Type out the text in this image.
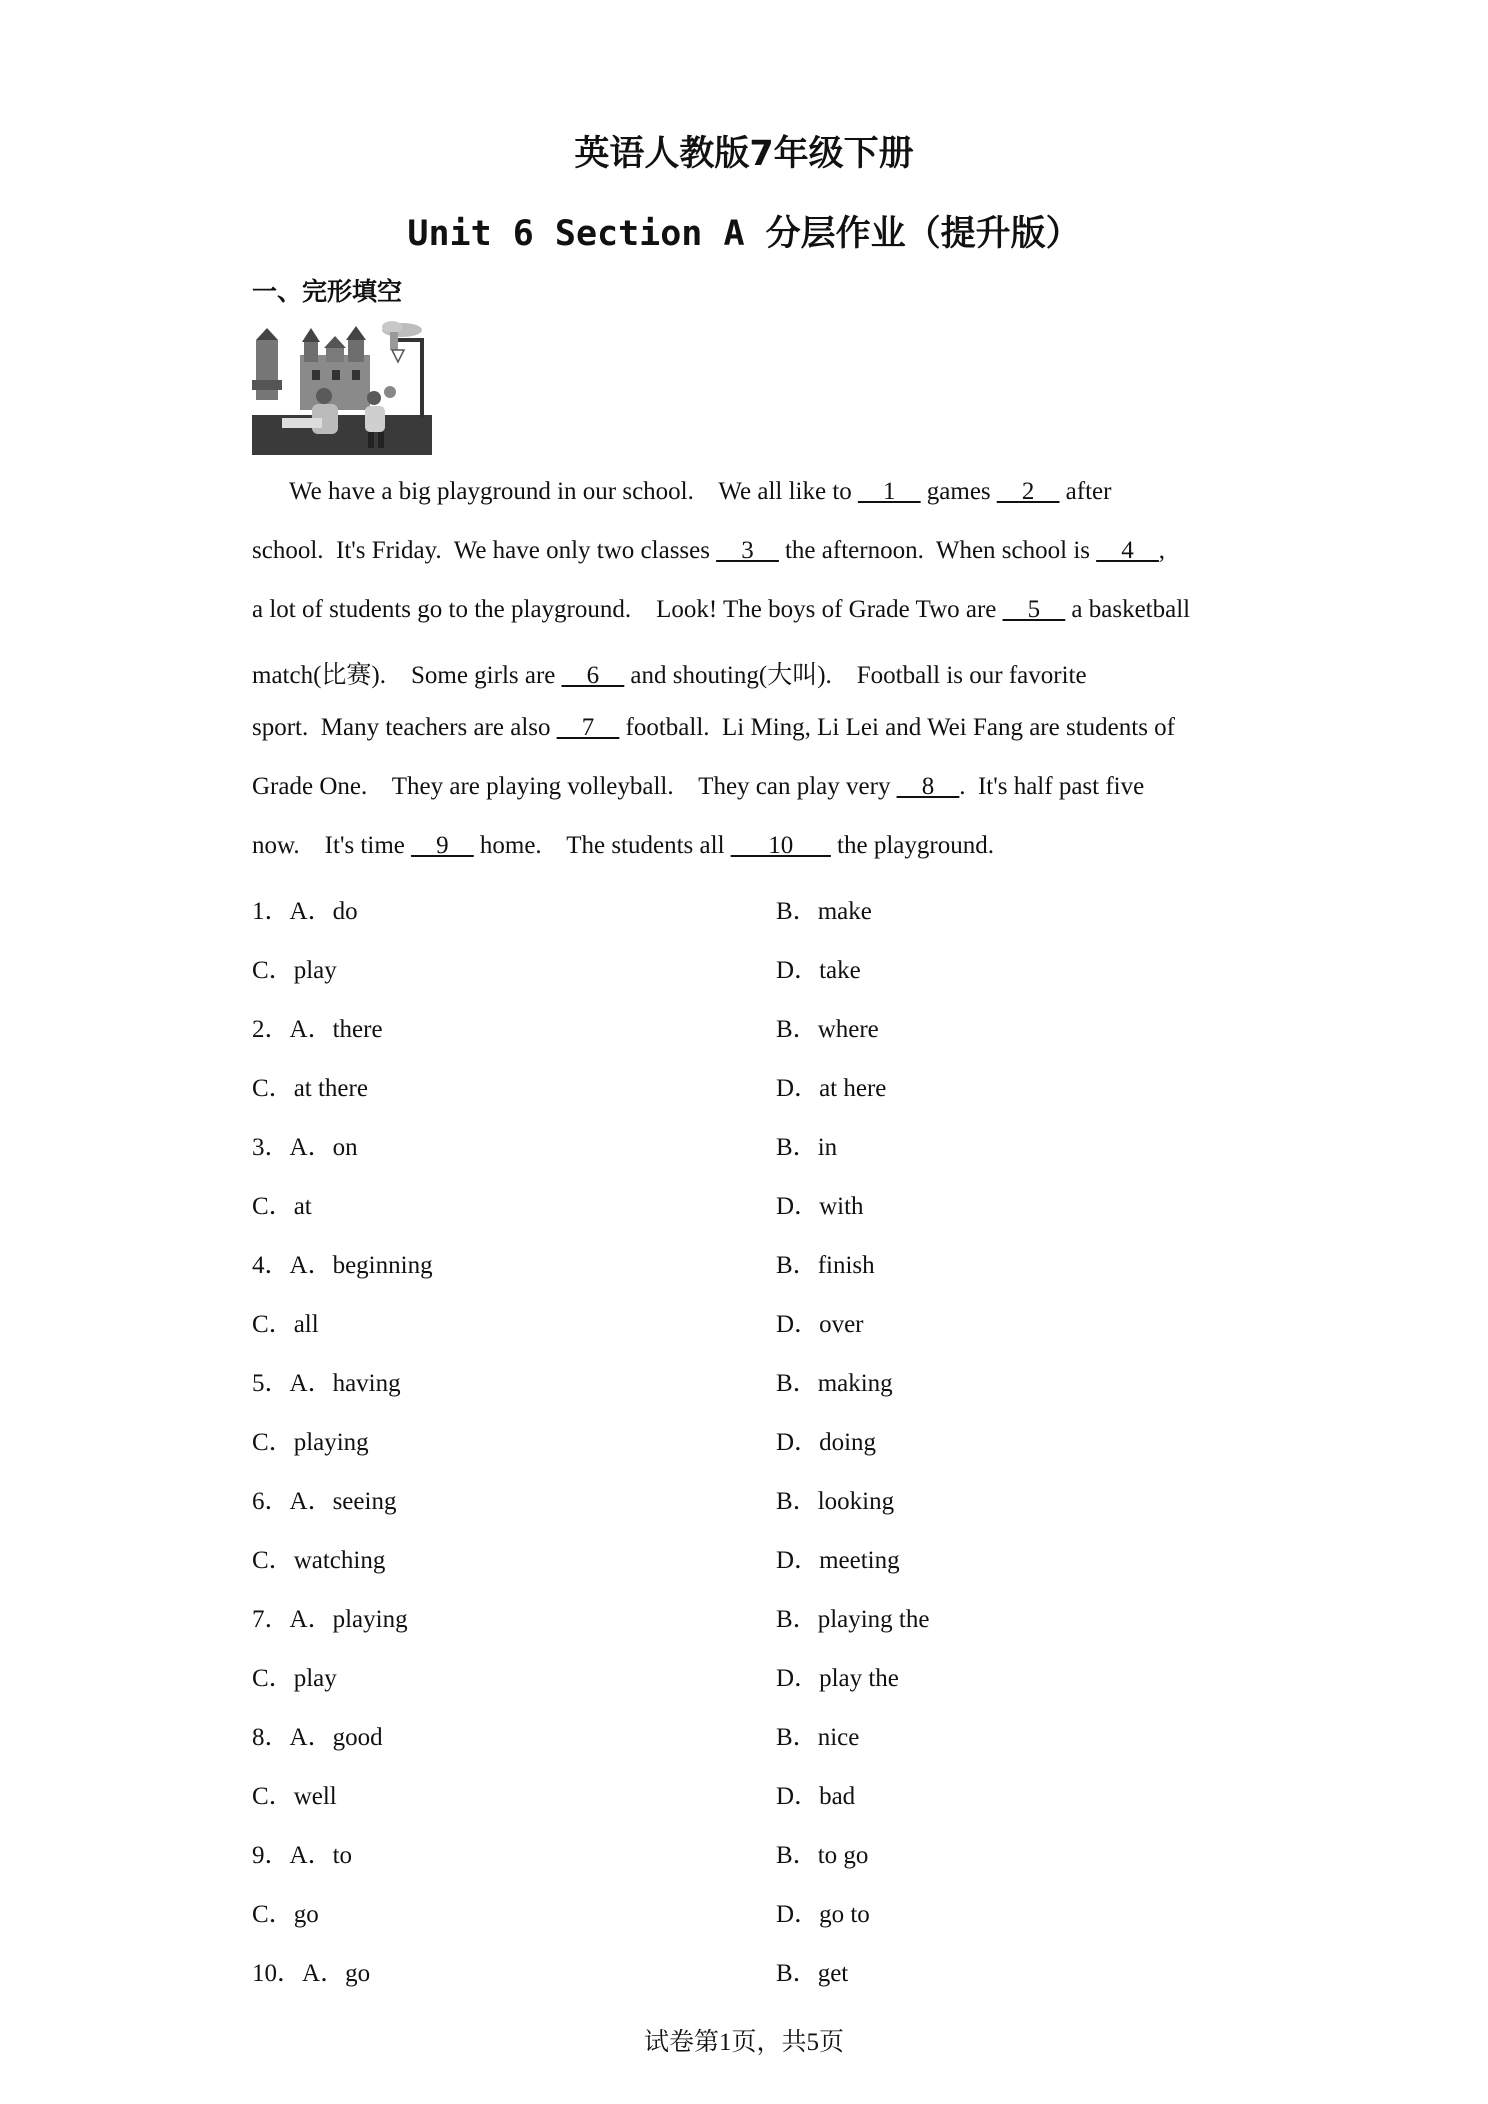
英语人教版7年级下册
Unit 6 Section A 分层作业（提升版）
一、完形填空
We have a big playground in our school.    We all like to __1__ games __2__ after
school.  It's Friday.  We have only two classes __3__ the afternoon.  When school is __4__,
a lot of students go to the playground.    Look! The boys of Grade Two are __5__ a basketball
match(比赛).    Some girls are __6__ and shouting(大叫).    Football is our favorite
sport.  Many teachers are also __7__ football.  Li Ming, Li Lei and Wei Fang are students of
Grade One.    They are playing volleyball.    They can play very __8__.  It's half past five
now.    It's time __9__ home.    The students all ___10___ the playground.
1．A．do	B．make
C．play	D．take
2．A．there	B．where
C．at there	D．at here
3．A．on	B．in
C．at	D．with
4．A．beginning	B．finish
C．all	D．over
5．A．having	B．making
C．playing	D．doing
6．A．seeing	B．looking
C．watching	D．meeting
7．A．playing	B．playing the
C．play	D．play the
8．A．good	B．nice
C．well	D．bad
9．A．to	B．to go
C．go	D．go to
10．A．go	B．get
试卷第1页，共5页
